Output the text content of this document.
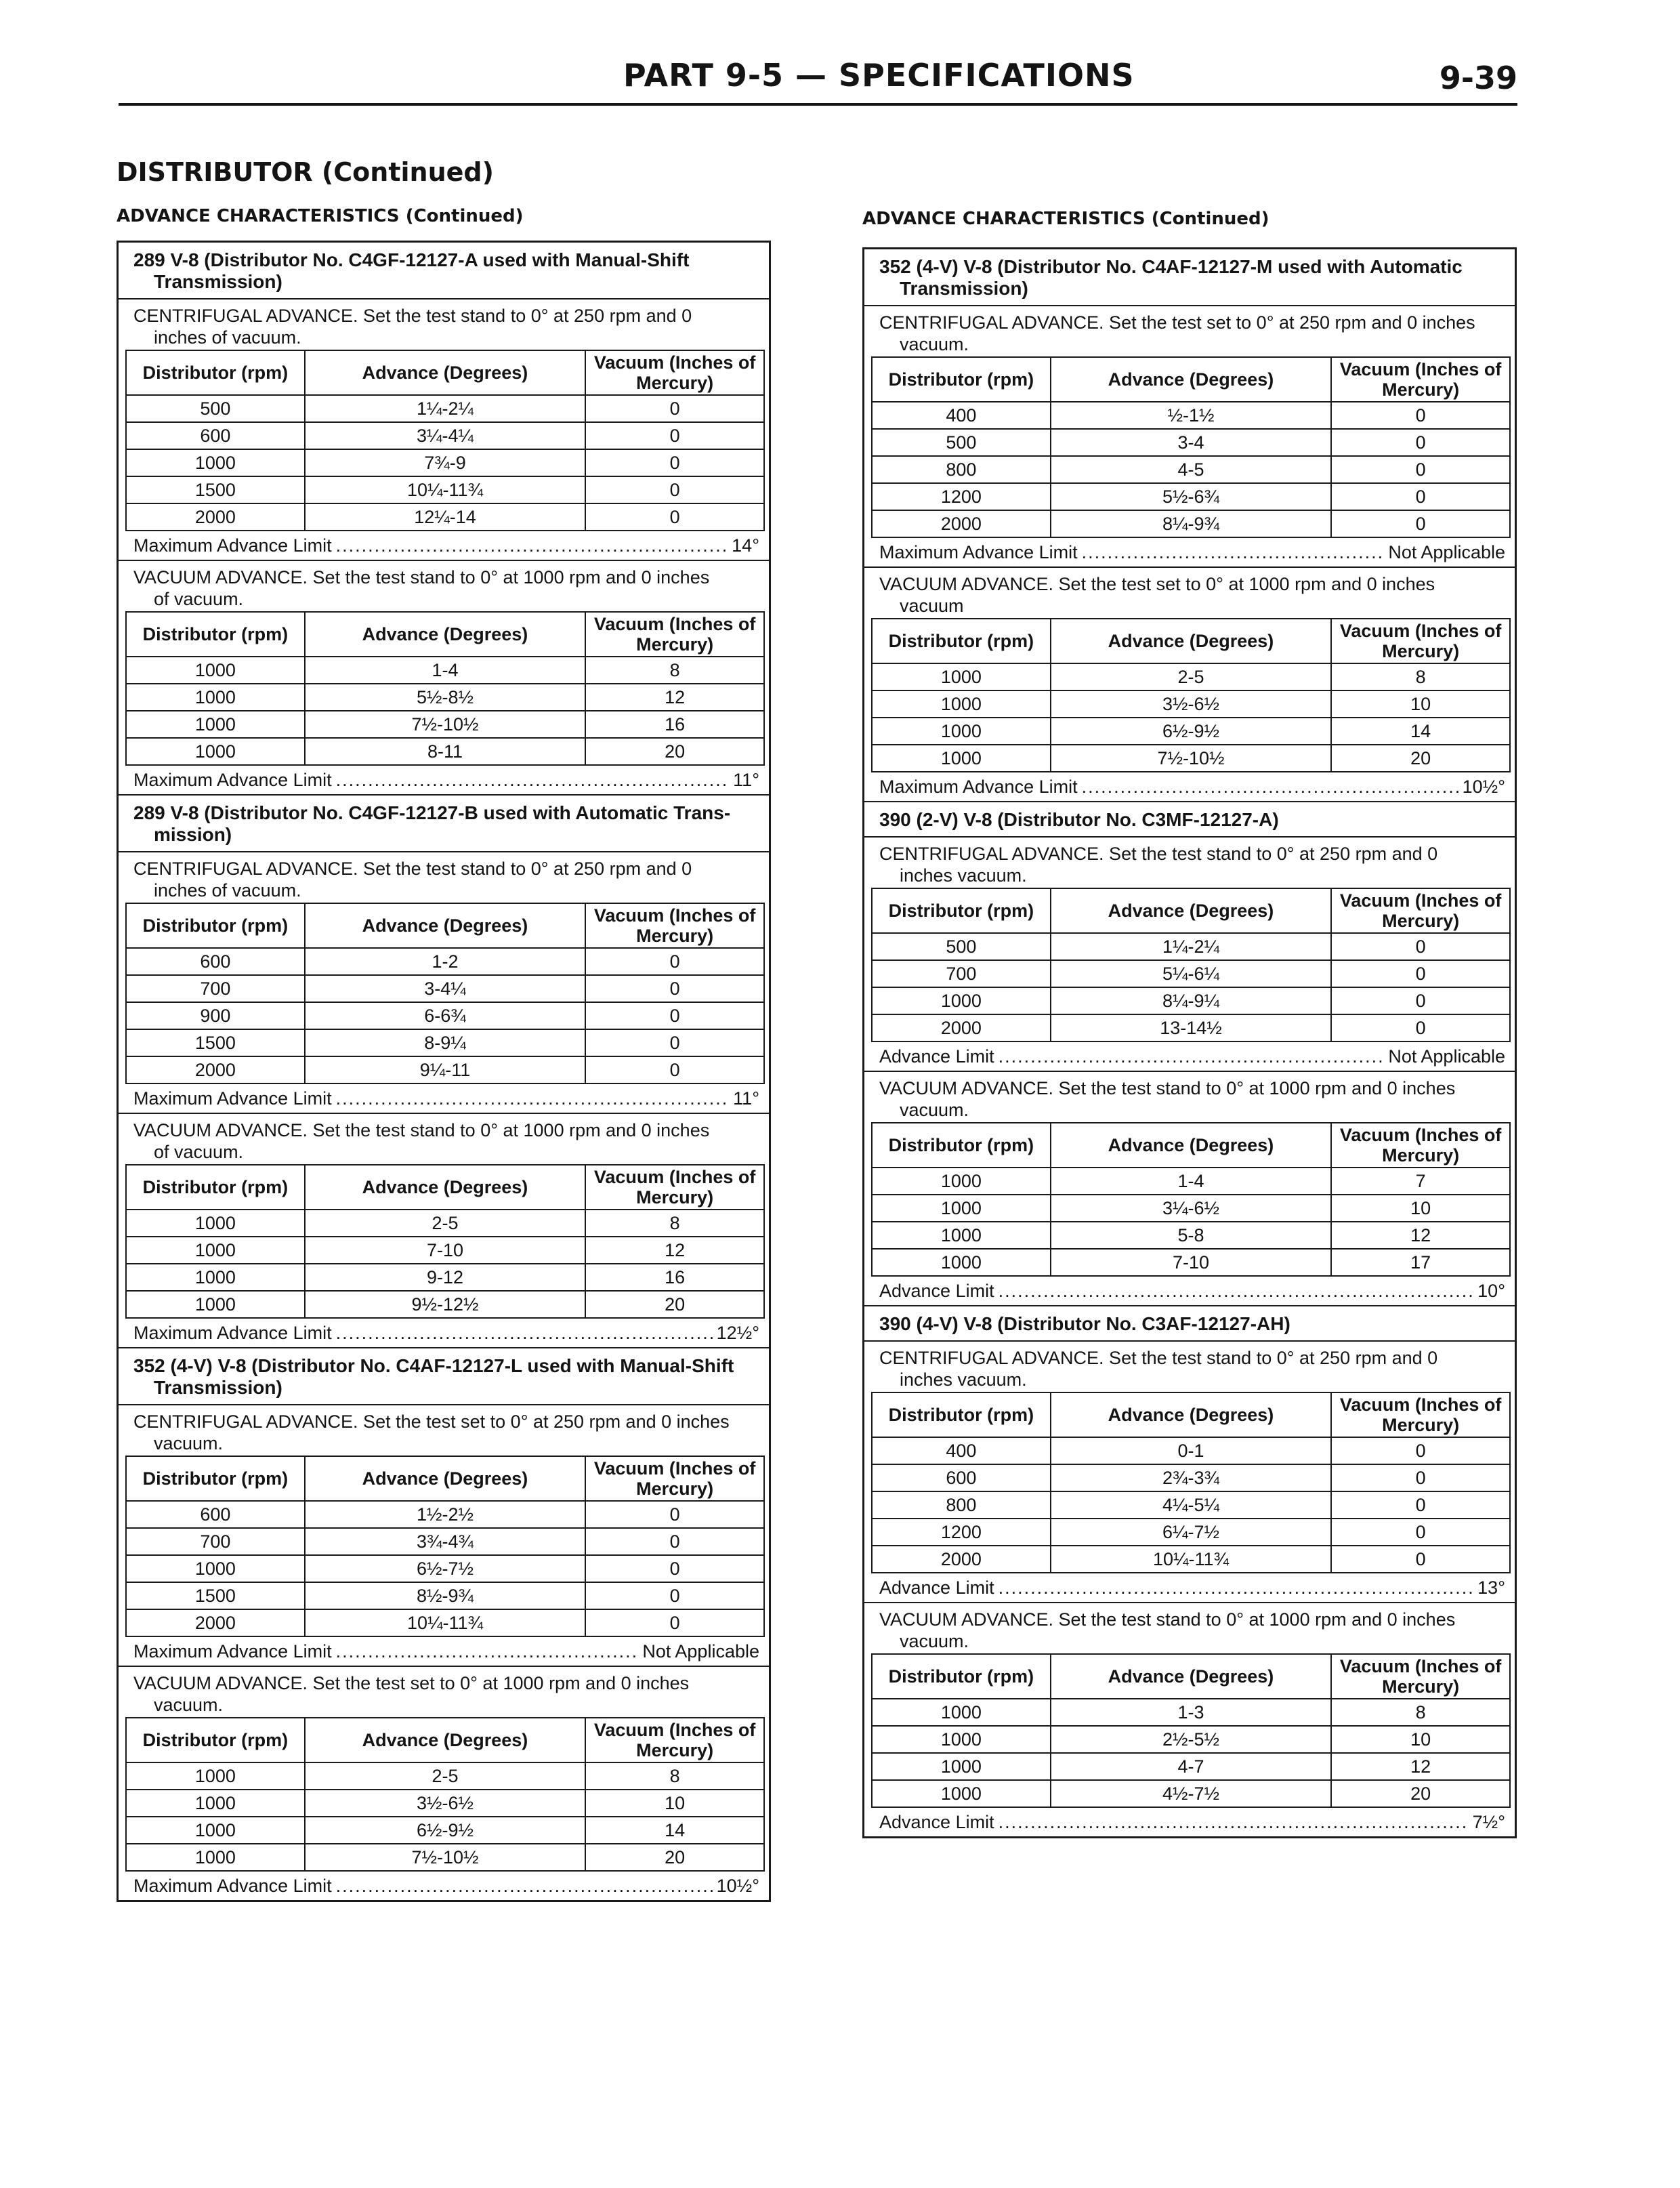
PART 9-5 — SPECIFICATIONS	9-39
DISTRIBUTOR (Continued)
ADVANCE CHARACTERISTICS (Continued)	ADVANCE CHARACTERISTICS (Continued)
289 V-8 (Distributor No. C4GF-12127-A used with Manual-Shift
Transmission)
CENTRIFUGAL ADVANCE. Set the test stand to 0° at 250 rpm and 0
inches of vacuum.
Distributor (rpm)	Advance (Degrees)	Vacuum (Inches of Mercury)
500	1¼-2¼	0
600	3¼-4¼	0
1000	7¾-9	0
1500	10¼-11¾	0
2000	12¼-14	0
Maximum Advance Limit .....	14°
VACUUM ADVANCE. Set the test stand to 0° at 1000 rpm and 0 inches
of vacuum.
Distributor (rpm)	Advance (Degrees)	Vacuum (Inches of Mercury)
1000	1-4	8
1000	5½-8½	12
1000	7½-10½	16
1000	8-11	20
Maximum Advance Limit .....	11°
289 V-8 (Distributor No. C4GF-12127-B used with Automatic Trans-
mission)
CENTRIFUGAL ADVANCE. Set the test stand to 0° at 250 rpm and 0
inches of vacuum.
Distributor (rpm)	Advance (Degrees)	Vacuum (Inches of Mercury)
600	1-2	0
700	3-4¼	0
900	6-6¾	0
1500	8-9¼	0
2000	9¼-11	0
Maximum Advance Limit .....	11°
VACUUM ADVANCE. Set the test stand to 0° at 1000 rpm and 0 inches
of vacuum.
Distributor (rpm)	Advance (Degrees)	Vacuum (Inches of Mercury)
1000	2-5	8
1000	7-10	12
1000	9-12	16
1000	9½-12½	20
Maximum Advance Limit .....	12½°
352 (4-V) V-8 (Distributor No. C4AF-12127-L used with Manual-Shift
Transmission)
CENTRIFUGAL ADVANCE. Set the test set to 0° at 250 rpm and 0 inches
vacuum.
Distributor (rpm)	Advance (Degrees)	Vacuum (Inches of Mercury)
600	1½-2½	0
700	3¾-4¾	0
1000	6½-7½	0
1500	8½-9¾	0
2000	10¼-11¾	0
Maximum Advance Limit .....	Not Applicable
VACUUM ADVANCE. Set the test set to 0° at 1000 rpm and 0 inches
vacuum.
Distributor (rpm)	Advance (Degrees)	Vacuum (Inches of Mercury)
1000	2-5	8
1000	3½-6½	10
1000	6½-9½	14
1000	7½-10½	20
Maximum Advance Limit .....	10½°
352 (4-V) V-8 (Distributor No. C4AF-12127-M used with Automatic
Transmission)
CENTRIFUGAL ADVANCE. Set the test set to 0° at 250 rpm and 0 inches
vacuum.
Distributor (rpm)	Advance (Degrees)	Vacuum (Inches of Mercury)
400	½-1½	0
500	3-4	0
800	4-5	0
1200	5½-6¾	0
2000	8¼-9¾	0
Maximum Advance Limit .....	Not Applicable
VACUUM ADVANCE. Set the test set to 0° at 1000 rpm and 0 inches
vacuum
Distributor (rpm)	Advance (Degrees)	Vacuum (Inches of Mercury)
1000	2-5	8
1000	3½-6½	10
1000	6½-9½	14
1000	7½-10½	20
Maximum Advance Limit .....	10½°
390 (2-V) V-8 (Distributor No. C3MF-12127-A)
CENTRIFUGAL ADVANCE. Set the test stand to 0° at 250 rpm and 0
inches vacuum.
Distributor (rpm)	Advance (Degrees)	Vacuum (Inches of Mercury)
500	1¼-2¼	0
700	5¼-6¼	0
1000	8¼-9¼	0
2000	13-14½	0
Advance Limit .....	Not Applicable
VACUUM ADVANCE. Set the test stand to 0° at 1000 rpm and 0 inches
vacuum.
Distributor (rpm)	Advance (Degrees)	Vacuum (Inches of Mercury)
1000	1-4	7
1000	3¼-6½	10
1000	5-8	12
1000	7-10	17
Advance Limit .....	10°
390 (4-V) V-8 (Distributor No. C3AF-12127-AH)
CENTRIFUGAL ADVANCE. Set the test stand to 0° at 250 rpm and 0
inches vacuum.
Distributor (rpm)	Advance (Degrees)	Vacuum (Inches of Mercury)
400	0-1	0
600	2¾-3¾	0
800	4¼-5¼	0
1200	6¼-7½	0
2000	10¼-11¾	0
Advance Limit .....	13°
VACUUM ADVANCE. Set the test stand to 0° at 1000 rpm and 0 inches
vacuum.
Distributor (rpm)	Advance (Degrees)	Vacuum (Inches of Mercury)
1000	1-3	8
1000	2½-5½	10
1000	4-7	12
1000	4½-7½	20
Advance Limit .....	7½°
